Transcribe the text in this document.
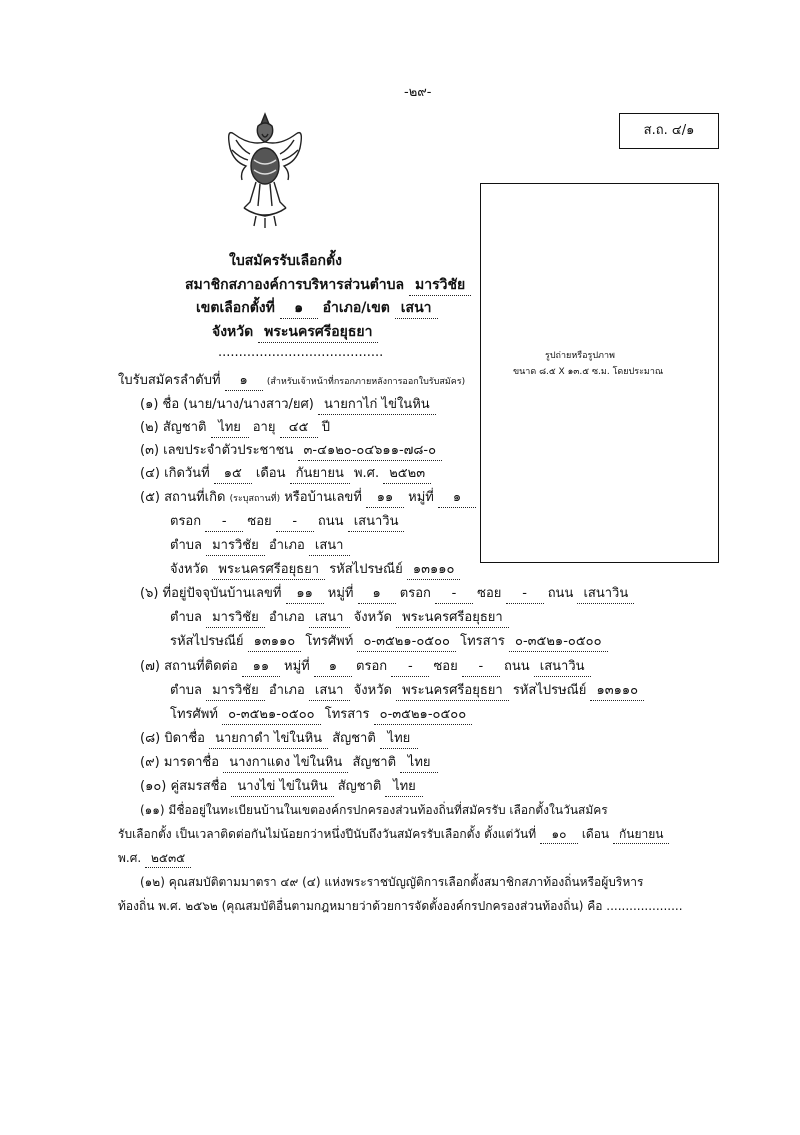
-๒๙-
ส.ถ. ๔/๑
ใบสมัครรับเลือกตั้ง
สมาชิกสภาองค์การบริหารส่วนตำบล มารวิชัย
เขตเลือกตั้งที่ ๑ อำเภอ/เขต เสนา
จังหวัด พระนครศรีอยุธยา
........................................	รูปถ่ายหรือรูปภาพ
ขนาด ๘.๕ X ๑๓.๕ ซ.ม. โดยประมาณ
ใบรับสมัครลำดับที่ ๑ (สำหรับเจ้าหน้าที่กรอกภายหลังการออกใบรับสมัคร)
(๑) ชื่อ (นาย/นาง/นางสาว/ยศ) นายกาไก่ ไข่ในหิน
(๒) สัญชาติ ไทย อายุ ๔๕ ปี
(๓) เลขประจำตัวประชาชน ๓-๔๑๒๐-๐๔๖๑๑-๗๘-๐
(๔) เกิดวันที่ ๑๕ เดือน กันยายน พ.ศ. ๒๕๒๓
(๕) สถานที่เกิด (ระบุสถานที่) หรือบ้านเลขที่ ๑๑ หมู่ที่ ๑
ตรอก - ซอย - ถนน เสนาวิน
ตำบล มารวิชัย อำเภอ เสนา
จังหวัด พระนครศรีอยุธยา รหัสไปรษณีย์ ๑๓๑๑๐
(๖) ที่อยู่ปัจจุบันบ้านเลขที่ ๑๑ หมู่ที่ ๑ ตรอก - ซอย - ถนน เสนาวิน
ตำบล มารวิชัย อำเภอ เสนา จังหวัด พระนครศรีอยุธยา
รหัสไปรษณีย์ ๑๓๑๑๐ โทรศัพท์ ๐-๓๕๒๑-๐๕๐๐ โทรสาร ๐-๓๕๒๑-๐๕๐๐
(๗) สถานที่ติดต่อ ๑๑ หมู่ที่ ๑ ตรอก - ซอย - ถนน เสนาวิน
ตำบล มารวิชัย อำเภอ เสนา จังหวัด พระนครศรีอยุธยา รหัสไปรษณีย์ ๑๓๑๑๐
โทรศัพท์ ๐-๓๕๒๑-๐๕๐๐ โทรสาร ๐-๓๕๒๑-๐๕๐๐
(๘) บิดาชื่อ นายกาดำ ไข่ในหิน สัญชาติ ไทย
(๙) มารดาชื่อ นางกาแดง ไข่ในหิน สัญชาติ ไทย
(๑๐) คู่สมรสชื่อ นางไข่ ไข่ในหิน สัญชาติ ไทย
(๑๑) มีชื่ออยู่ในทะเบียนบ้านในเขตองค์กรปกครองส่วนท้องถิ่นที่สมัครรับ เลือกตั้งในวันสมัคร
รับเลือกตั้ง เป็นเวลาติดต่อกันไม่น้อยกว่าหนึ่งปีนับถึงวันสมัครรับเลือกตั้ง ตั้งแต่วันที่ ๑๐ เดือน กันยายน
พ.ศ. ๒๕๓๕
(๑๒) คุณสมบัติตามมาตรา ๔๙ (๔) แห่งพระราชบัญญัติการเลือกตั้งสมาชิกสภาท้องถิ่นหรือผู้บริหาร
ท้องถิ่น พ.ศ. ๒๕๖๒ (คุณสมบัติอื่นตามกฎหมายว่าด้วยการจัดตั้งองค์กรปกครองส่วนท้องถิ่น) คือ ....................
